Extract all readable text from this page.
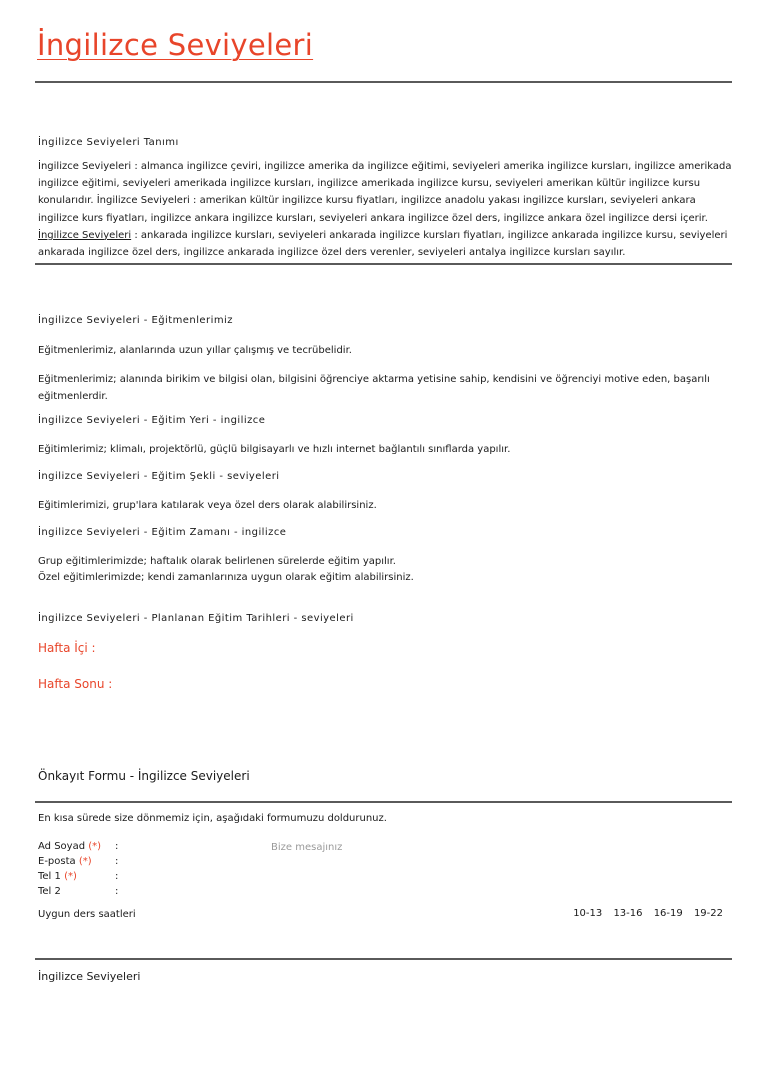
İngilizce Seviyeleri
İngilizce Seviyeleri Tanımı
İngilizce Seviyeleri : almanca ingilizce çeviri, ingilizce amerika da ingilizce eğitimi, seviyeleri amerika ingilizce kursları, ingilizce amerikada ingilizce eğitimi, seviyeleri amerikada ingilizce kursları, ingilizce amerikada ingilizce kursu, seviyeleri amerikan kültür ingilizce kursu konularıdır. İngilizce Seviyeleri : amerikan kültür ingilizce kursu fiyatları, ingilizce anadolu yakası ingilizce kursları, seviyeleri ankara ingilizce kurs fiyatları, ingilizce ankara ingilizce kursları, seviyeleri ankara ingilizce özel ders, ingilizce ankara özel ingilizce dersi içerir. İngilizce Seviyeleri : ankarada ingilizce kursları, seviyeleri ankarada ingilizce kursları fiyatları, ingilizce ankarada ingilizce kursu, seviyeleri ankarada ingilizce özel ders, ingilizce ankarada ingilizce özel ders verenler, seviyeleri antalya ingilizce kursları sayılır.
İngilizce Seviyeleri - Eğitmenlerimiz
Eğitmenlerimiz, alanlarında uzun yıllar çalışmış ve tecrübelidir.
Eğitmenlerimiz; alanında birikim ve bilgisi olan, bilgisini öğrenciye aktarma yetisine sahip, kendisini ve öğrenciyi motive eden, başarılı eğitmenlerdir.
İngilizce Seviyeleri - Eğitim Yeri - ingilizce
Eğitimlerimiz; klimalı, projektörlü, güçlü bilgisayarlı ve hızlı internet bağlantılı sınıflarda yapılır.
İngilizce Seviyeleri - Eğitim Şekli - seviyeleri
Eğitimlerimizi, grup'lara katılarak veya özel ders olarak alabilirsiniz.
İngilizce Seviyeleri - Eğitim Zamanı - ingilizce
Grup eğitimlerimizde; haftalık olarak belirlenen sürelerde eğitim yapılır.
Özel eğitimlerimizde; kendi zamanlarınıza uygun olarak eğitim alabilirsiniz.
İngilizce Seviyeleri - Planlanan Eğitim Tarihleri - seviyeleri
Hafta İçi :
Hafta Sonu :
Önkayıt Formu - İngilizce Seviyeleri
En kısa sürede size dönmemiz için, aşağıdaki formumuzu doldurunuz.
Ad Soyad (*)	:
E-posta (*)	:
Tel 1 (*)	:
Tel 2	:
Bize mesajınız
Uygun ders saatleri	10-13 13-16 16-19 19-22
İngilizce Seviyeleri
